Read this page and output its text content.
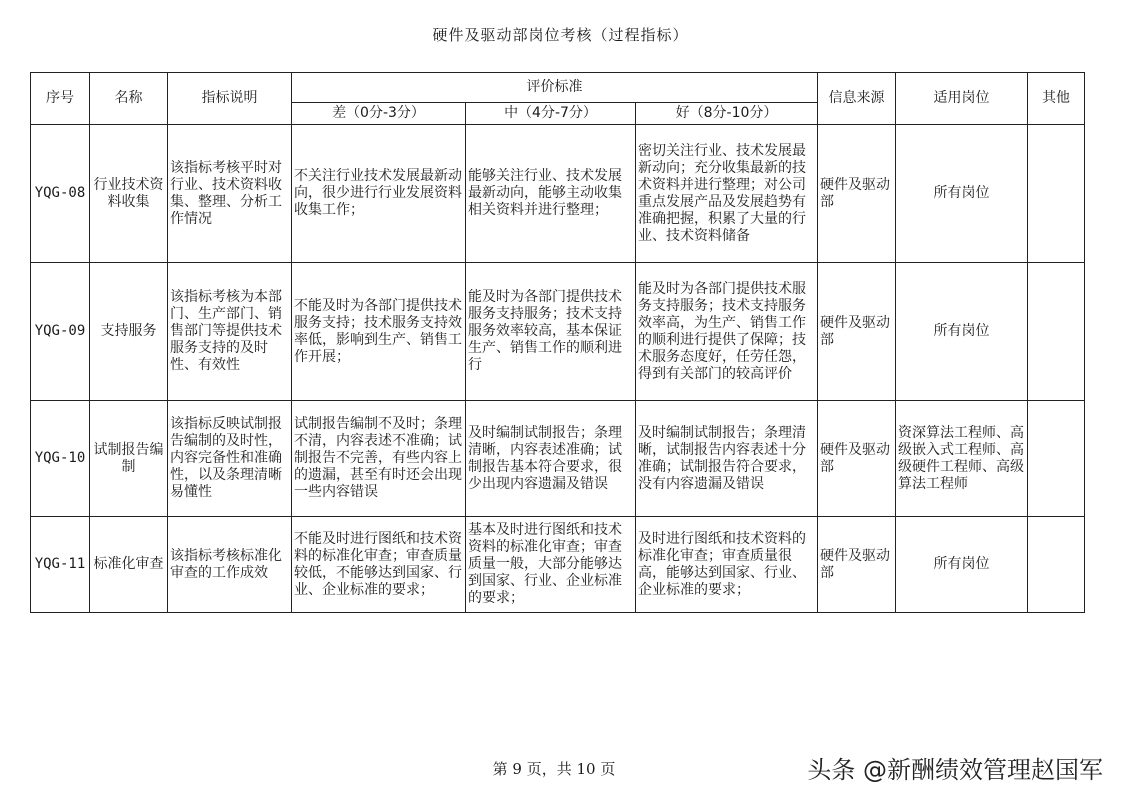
硬件及驱动部岗位考核（过程指标）
序号	名称	指标说明	评价标准			信息来源	适用岗位	其他
			差（0分-3分）	中（4分-7分）	好（8分-10分）			
YQG-08	行业技术资料收集	该指标考核平时对行业、技术资料收集、整理、分析工作情况	不关注行业技术发展最新动向，很少进行行业发展资料收集工作；	能够关注行业、技术发展最新动向，能够主动收集相关资料并进行整理；	密切关注行业、技术发展最新动向；充分收集最新的技术资料并进行整理；对公司重点发展产品及发展趋势有准确把握，积累了大量的行业、技术资料储备	硬件及驱动部	所有岗位	
YQG-09	支持服务	该指标考核为本部门、生产部门、销售部门等提供技术服务支持的及时性、有效性	不能及时为各部门提供技术服务支持；技术服务支持效率低，影响到生产、销售工作开展；	能及时为各部门提供技术服务支持服务；技术支持服务效率较高，基本保证生产、销售工作的顺利进行	能及时为各部门提供技术服务支持服务；技术支持服务效率高，为生产、销售工作的顺利进行提供了保障；技术服务态度好，任劳任怨，得到有关部门的较高评价	硬件及驱动部	所有岗位	
YQG-10	试制报告编制	该指标反映试制报告编制的及时性，内容完备性和准确性，以及条理清晰易懂性	试制报告编制不及时；条理不清，内容表述不准确；试制报告不完善，有些内容上的遗漏，甚至有时还会出现一些内容错误	及时编制试制报告；条理清晰，内容表述准确；试制报告基本符合要求，很少出现内容遗漏及错误	及时编制试制报告；条理清晰，试制报告内容表述十分准确；试制报告符合要求，没有内容遗漏及错误	硬件及驱动部	资深算法工程师、高级嵌入式工程师、高级硬件工程师、高级算法工程师	
YQG-11	标准化审查	该指标考核标准化审查的工作成效	不能及时进行图纸和技术资料的标准化审查；审查质量较低，不能够达到国家、行业、企业标准的要求；	基本及时进行图纸和技术资料的标准化审查；审查质量一般，大部分能够达到国家、行业、企业标准的要求；	及时进行图纸和技术资料的标准化审查；审查质量很高，能够达到国家、行业、企业标准的要求；	硬件及驱动部	所有岗位	
第 9 页，共 10 页	头条 @新酬绩效管理赵国军
